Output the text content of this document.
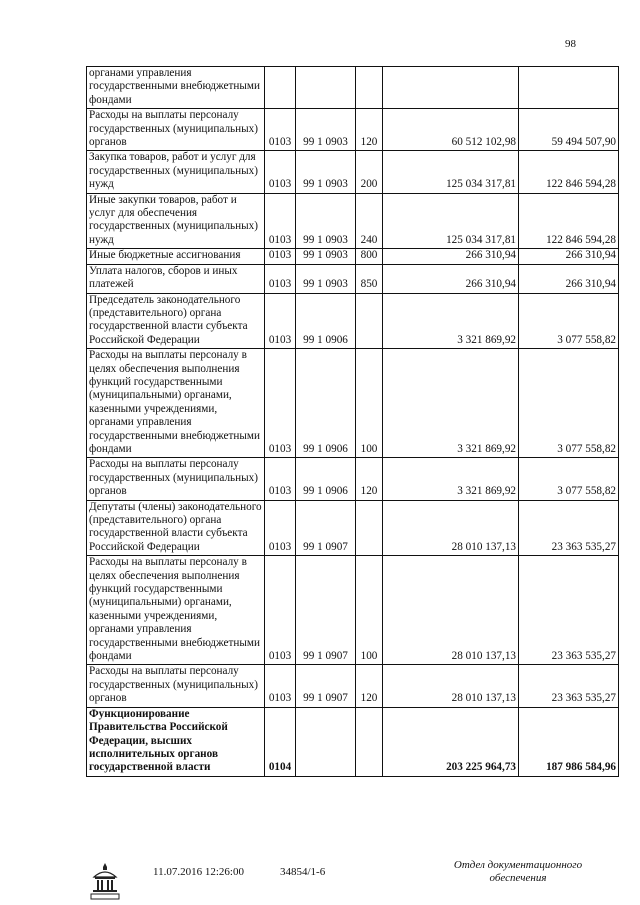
98
органами управления государственными внебюджетными фондами					
Расходы на выплаты персоналу государственных (муниципальных) органов	0103	99 1 0903	120	60 512 102,98	59 494 507,90
Закупка товаров, работ и услуг для государственных (муниципальных) нужд	0103	99 1 0903	200	125 034 317,81	122 846 594,28
Иные закупки товаров, работ и услуг для обеспечения государственных (муниципальных) нужд	0103	99 1 0903	240	125 034 317,81	122 846 594,28
Иные бюджетные ассигнования	0103	99 1 0903	800	266 310,94	266 310,94
Уплата налогов, сборов и иных платежей	0103	99 1 0903	850	266 310,94	266 310,94
Председатель законодательного (представительного) органа государственной власти субъекта Российской Федерации	0103	99 1 0906		3 321 869,92	3 077 558,82
Расходы на выплаты персоналу в целях обеспечения выполнения функций государственными (муниципальными) органами, казенными учреждениями, органами управления государственными внебюджетными фондами	0103	99 1 0906	100	3 321 869,92	3 077 558,82
Расходы на выплаты персоналу государственных (муниципальных) органов	0103	99 1 0906	120	3 321 869,92	3 077 558,82
Депутаты (члены) законодательного (представительного) органа государственной власти субъекта Российской Федерации	0103	99 1 0907		28 010 137,13	23 363 535,27
Расходы на выплаты персоналу в целях обеспечения выполнения функций государственными (муниципальными) органами, казенными учреждениями, органами управления государственными внебюджетными фондами	0103	99 1 0907	100	28 010 137,13	23 363 535,27
Расходы на выплаты персоналу государственных (муниципальных) органов	0103	99 1 0907	120	28 010 137,13	23 363 535,27
Функционирование Правительства Российской Федерации, высших исполнительных органов государственной власти	0104			203 225 964,73	187 986 584,96
11.07.2016 12:26:00	34854/1-6
Отдел документационного обеспечения
